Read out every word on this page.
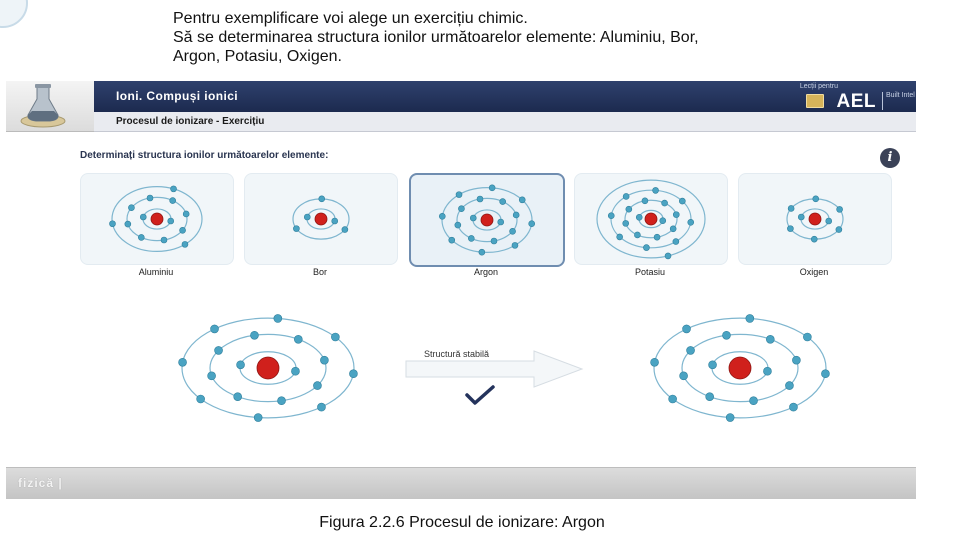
Pentru exemplificare voi alege un exercițiu chimic.
Să se determinarea structura ionilor următoarelor elemente: Aluminiu, Bor,
Argon, Potasiu, Oxigen.
Ioni. Compuși ionici
Lecții pentru
AEL Built Intel
Procesul de ionizare - Exercițiu
Determinați structura ionilor următoarelor elemente:	i
Aluminiu	Bor	Argon	Potasiu	Oxigen
Structură stabilă
fizică |
Figura 2.2.6 Procesul de ionizare: Argon
